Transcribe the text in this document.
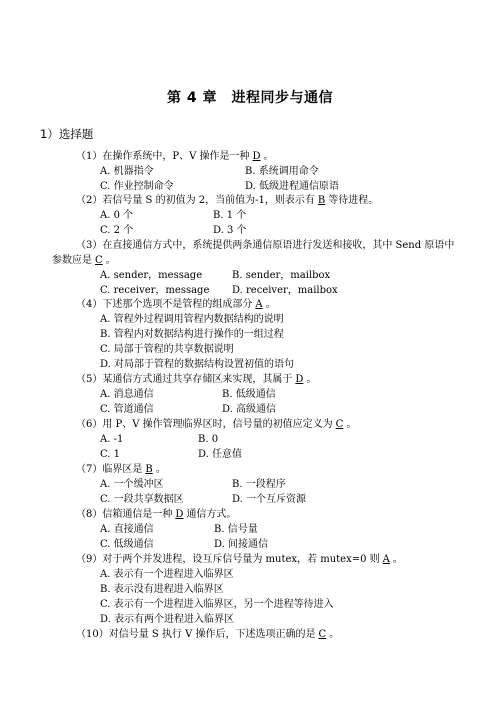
第 4 章　进程同步与通信
1）选择题
（1）在操作系统中，P、V 操作是一种 D 。
A. 机器指令	B. 系统调用命令
C. 作业控制命令	D. 低级进程通信原语
（2）若信号量 S 的初值为 2，当前值为-1，则表示有 B 等待进程。
A. 0 个	B. 1 个
C. 2 个	D. 3 个
（3）在直接通信方式中，系统提供两条通信原语进行发送和接收，其中 Send 原语中
参数应是 C 。
A. sender，message	B. sender，mailbox
C. receiver，message D. receiver，mailbox
（4）下述那个选项不是管程的组成部分 A 。
A. 管程外过程调用管程内数据结构的说明
B. 管程内对数据结构进行操作的一组过程
C. 局部于管程的共享数据说明
D. 对局部于管程的数据结构设置初值的语句
（5）某通信方式通过共享存储区来实现，其属于 D 。
A. 消息通信	B. 低级通信
C. 管道通信	D. 高级通信
（6）用 P、V 操作管理临界区时，信号量的初值应定义为 C 。
A. -1	B. 0
C. 1	D. 任意值
（7）临界区是 B 。
A. 一个缓冲区	B. 一段程序
C. 一段共享数据区	D. 一个互斥资源
（8）信箱通信是一种 D 通信方式。
A. 直接通信	B. 信号量
C. 低级通信	D. 间接通信
（9）对于两个并发进程，设互斥信号量为 mutex，若 mutex=0 则 A 。
A. 表示有一个进程进入临界区
B. 表示没有进程进入临界区
C. 表示有一个进程进入临界区，另一个进程等待进入
D. 表示有两个进程进入临界区
（10）对信号量 S 执行 V 操作后，下述选项正确的是 C 。
